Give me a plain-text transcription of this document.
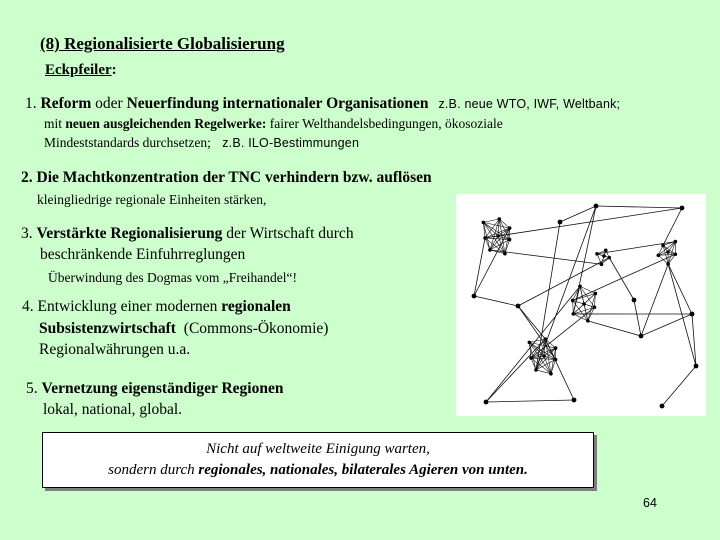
(8) Regionalisierte Globalisierung
Eckpfeiler:
1. Reform oder Neuerfindung internationaler Organisationen z.B. neue WTO, IWF, Weltbank;
mit neuen ausgleichenden Regelwerke: fairer Welthandelsbedingungen, ökosoziale
Mindeststandards durchsetzen; z.B. ILO-Bestimmungen
2. Die Machtkonzentration der TNC verhindern bzw. auflösen
kleingliedrige regionale Einheiten stärken,
3. Verstärkte Regionalisierung der Wirtschaft durch
beschränkende Einfuhrreglungen
Überwindung des Dogmas vom „Freihandel“!
4. Entwicklung einer modernen regionalen
Subsistenzwirtschaft (Commons-Ökonomie)
Regionalwährungen u.a.
5. Vernetzung eigenständiger Regionen
lokal, national, global.
Nicht auf weltweite Einigung warten,
sondern durch regionales, nationales, bilaterales Agieren von unten.
64
